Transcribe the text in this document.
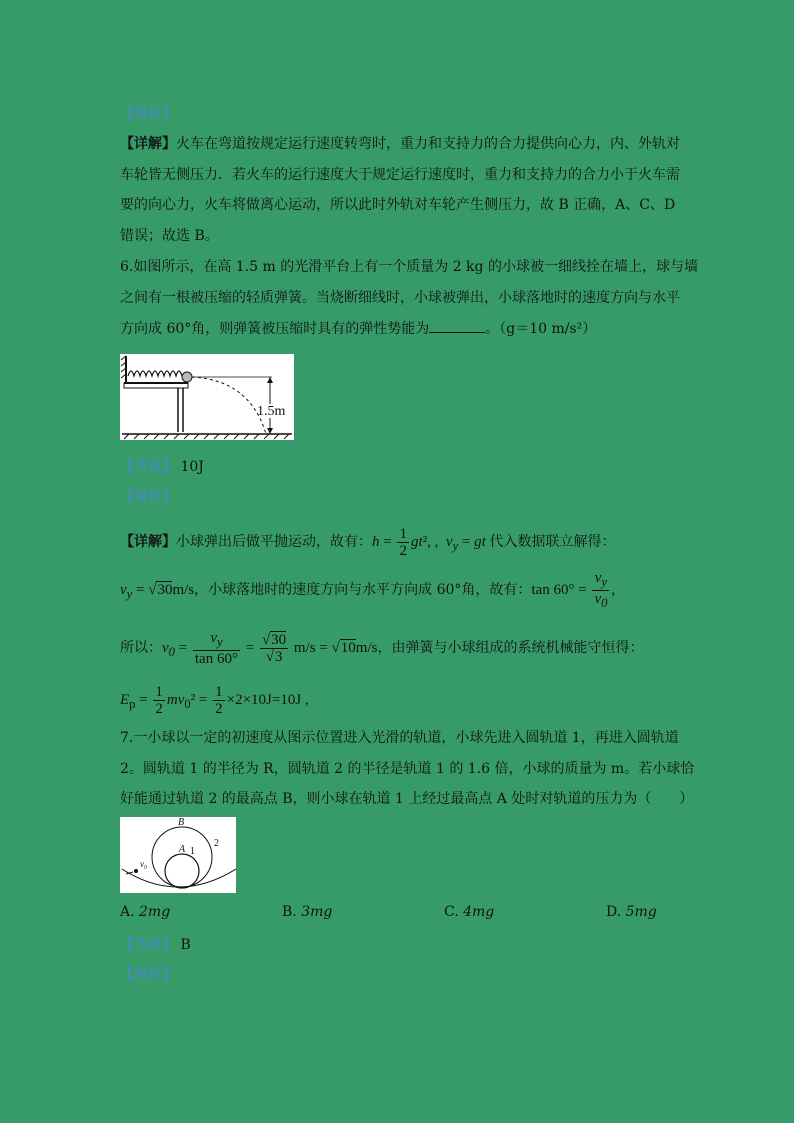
【解析】
【详解】火车在弯道按规定运行速度转弯时，重力和支持力的合力提供向心力，内、外轨对
车轮皆无侧压力．若火车的运行速度大于规定运行速度时，重力和支持力的合力小于火车需
要的向心力，火车将做离心运动，所以此时外轨对车轮产生侧压力，故 B 正确，A、C、D
错误；故选 B。
6.如图所示，在高 1.5 m 的光滑平台上有一个质量为 2 kg 的小球被一细线拴在墙上，球与墙
之间有一根被压缩的轻质弹簧。当烧断细线时，小球被弹出，小球落地时的速度方向与水平
方向成 60°角，则弹簧被压缩时具有的弹性势能为	。（g＝10 m/s²）
1.5m
【答案】 10J
【解析】
【详解】小球弹出后做平抛运动，故有：$h = \frac{1}{2} gt^2$, ,  $v_y$ = gt 代入数据联立解得：
$v_y = √30m/s$，小球落地时的速度方向与水平方向成 60°角，故有：$\tan 60^\circ = \frac{v_y}{v_0}$ ,
所以：$v_0 = \frac{v_y}{\tan 60^\circ} = \frac{√30}{√3} m/s = √10m/s$，由弹簧与小球组成的系统机械能守恒得：
$E_p = \frac{1}{2} mv_0^2 = \frac{1}{2} \times 2\times 10J=10J$ ,
7.一小球以一定的初速度从图示位置进入光滑的轨道，小球先进入圆轨道 1，再进入圆轨道
2。圆轨道 1 的半径为 R，圆轨道 2 的半径是轨道 1 的 1.6 倍，小球的质量为 m。若小球恰
好能通过轨道 2 的最高点 B，则小球在轨道 1 上经过最高点 A 处时对轨道的压力为（　　）
B
A 1
2
v₀
A. 2mg	B. 3mg	C. 4mg	D. 5mg
【答案】 B
【解析】
